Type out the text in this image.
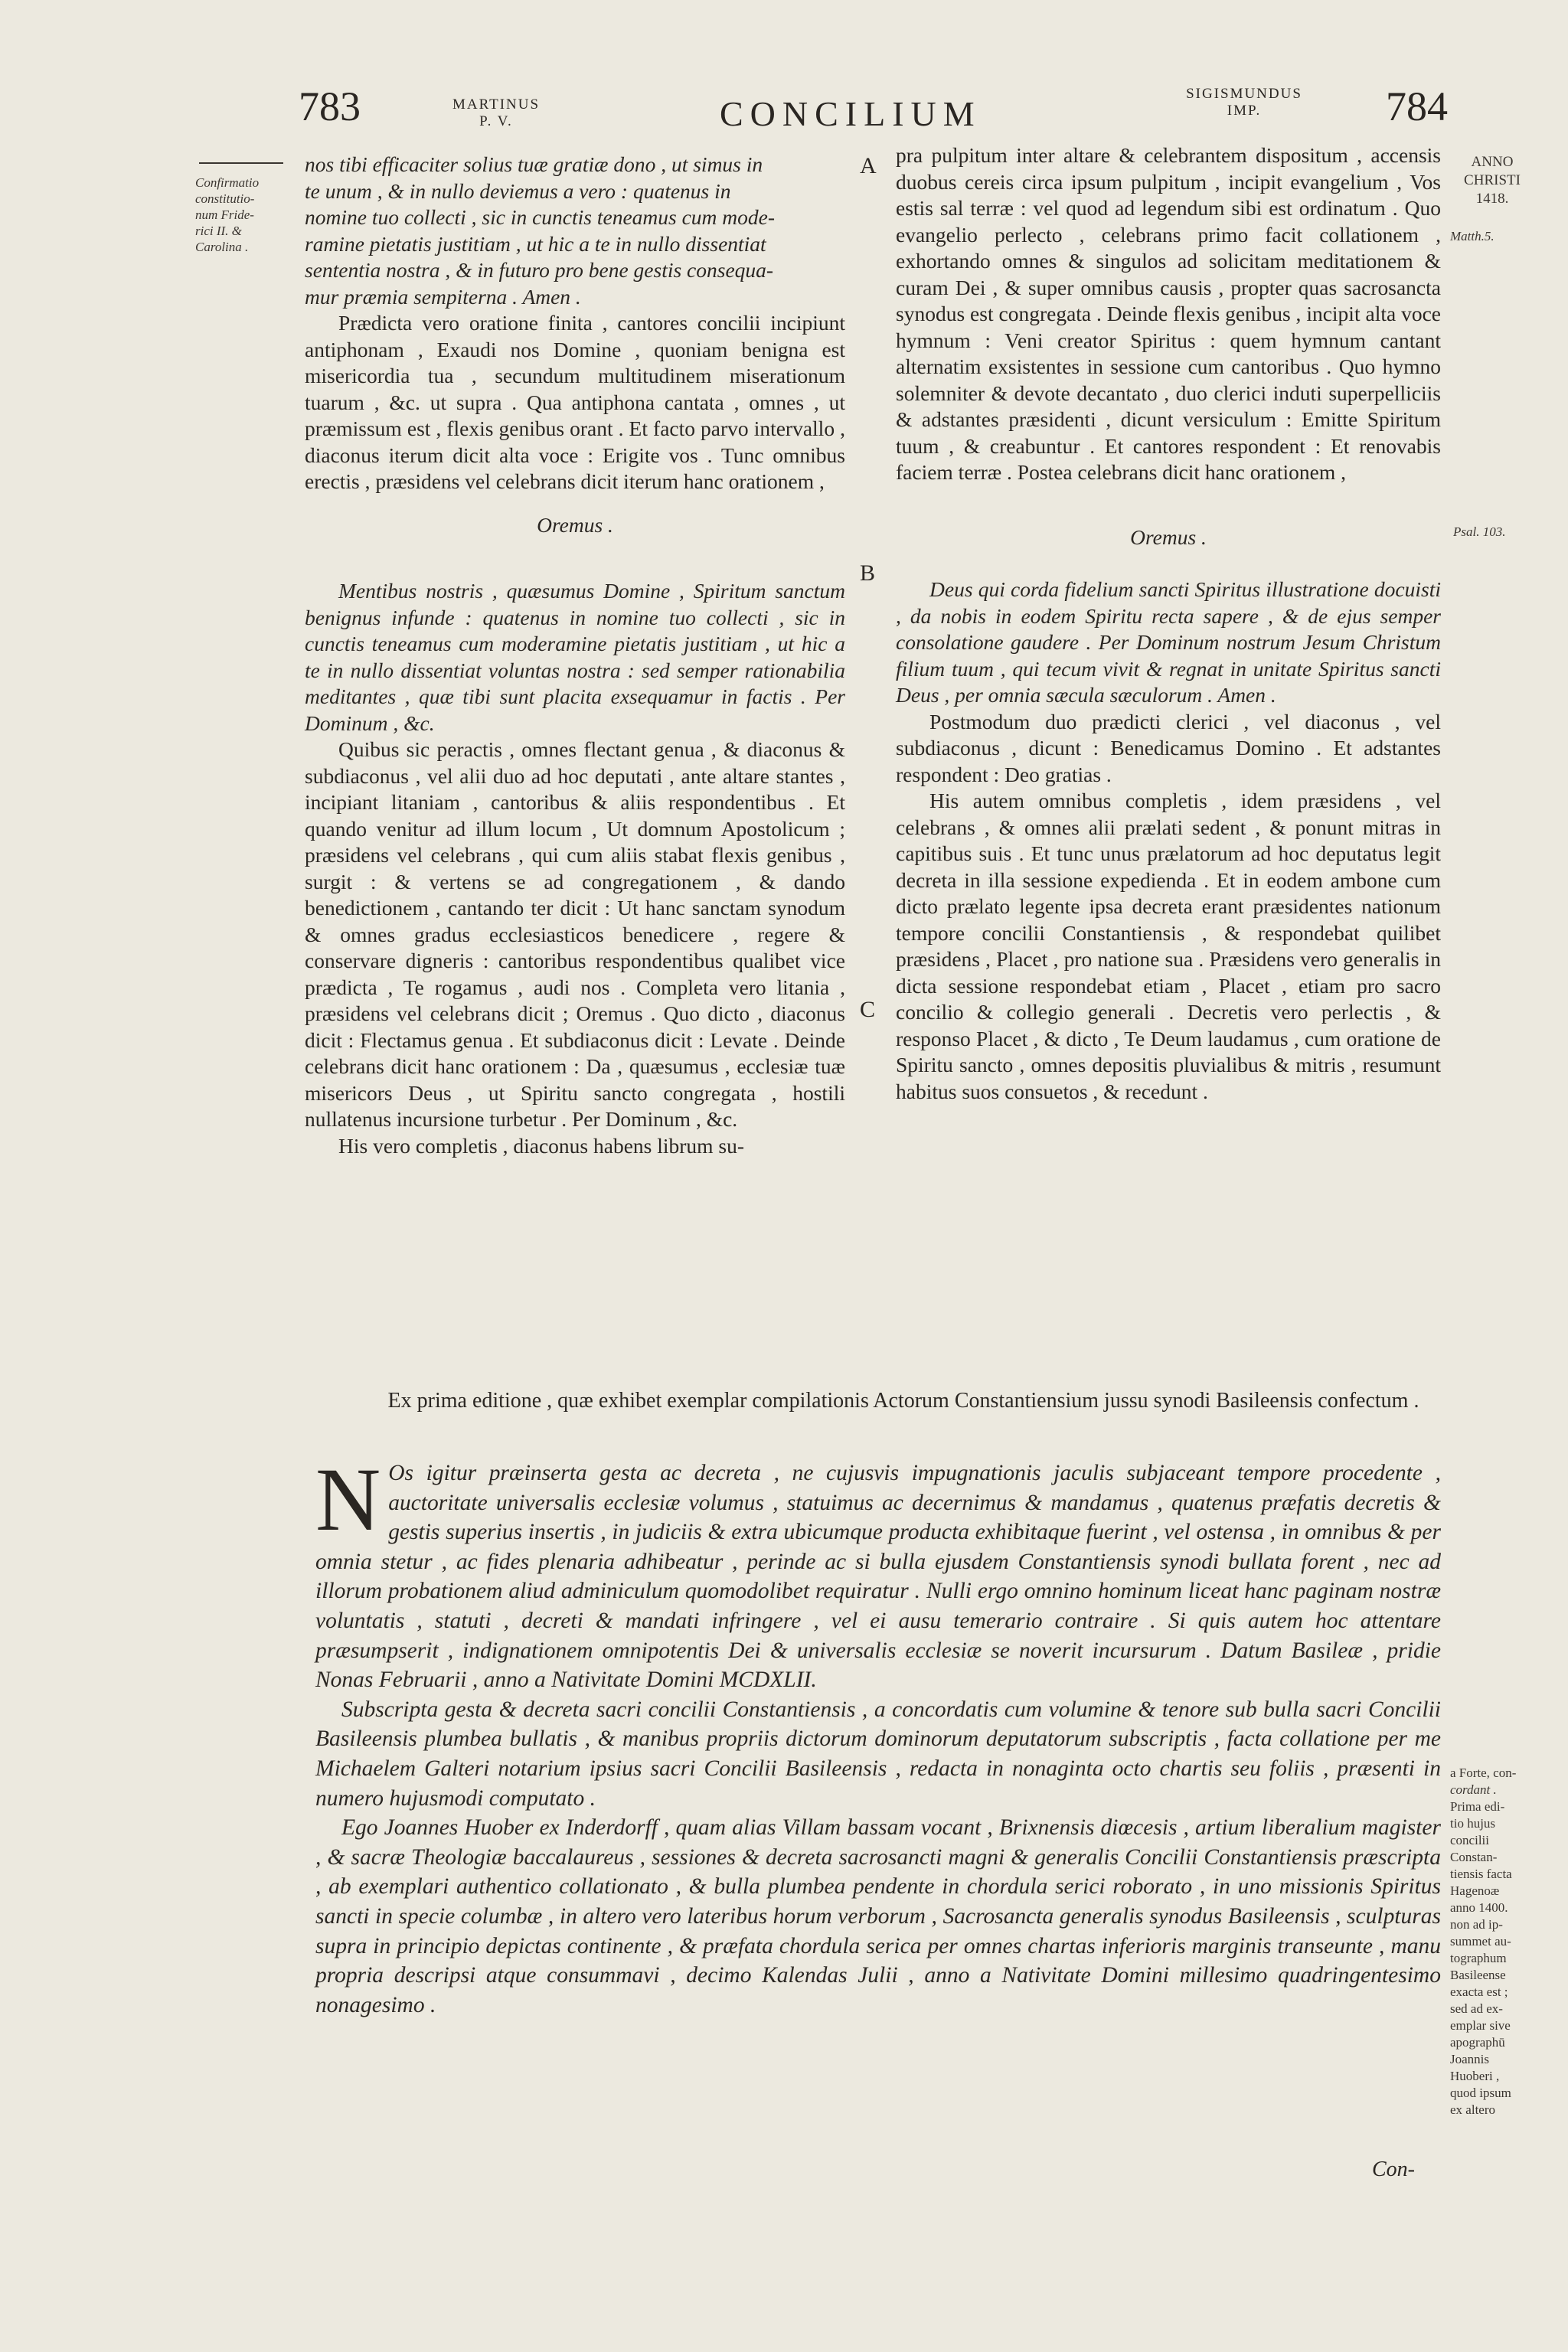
783	MARTINUS
P. V.	CONCILIUM
SIGISMUNDUS
IMP.	784
Confirmatio
constitutio-
num Fride-
rici II. &
Carolina .
ANNO
CHRISTI
1418.
Matth.5.
Psal. 103.
A
B
C
nos tibi efficaciter solius tuæ gratiæ dono , ut simus in
te unum , & in nullo deviemus a vero : quatenus in
nomine tuo collecti , sic in cunctis teneamus cum mode-
ramine pietatis justitiam , ut hic a te in nullo dissentiat
sententia nostra , & in futuro pro bene gestis consequa-
mur præmia sempiterna . Amen .

Prædicta vero oratione finita , cantores concilii incipiunt antiphonam , Exaudi nos Domine , quoniam benigna est misericordia tua , secundum multitudinem miserationum tuarum , &c. ut supra . Qua antiphona cantata , omnes , ut præmissum est , flexis genibus orant . Et facto parvo intervallo , diaconus iterum dicit alta voce : Erigite vos . Tunc omnibus erectis , præsidens vel celebrans dicit iterum hanc orationem ,

Oremus .

Mentibus nostris , quæsumus Domine , Spiritum sanctum benignus infunde : quatenus in nomine tuo collecti , sic in cunctis teneamus cum moderamine pietatis justitiam , ut hic a te in nullo dissentiat voluntas nostra : sed semper rationabilia meditantes , quæ tibi sunt placita exsequamur in factis . Per Dominum , &c.

Quibus sic peractis , omnes flectant genua , & diaconus & subdiaconus , vel alii duo ad hoc deputati , ante altare stantes , incipiant litaniam , cantoribus & aliis respondentibus . Et quando venitur ad illum locum , Ut domnum Apostolicum ; præsidens vel celebrans , qui cum aliis stabat flexis genibus , surgit : & vertens se ad congregationem , & dando benedictionem , cantando ter dicit : Ut hanc sanctam synodum & omnes gradus ecclesiasticos benedicere , regere & conservare digneris : cantoribus respondentibus qualibet vice prædicta , Te rogamus , audi nos . Completa vero litania , præsidens vel celebrans dicit ; Oremus . Quo dicto , diaconus dicit : Flectamus genua . Et subdiaconus dicit : Levate . Deinde celebrans dicit hanc orationem : Da , quæsumus , ecclesiæ tuæ misericors Deus , ut Spiritu sancto congregata , hostili nullatenus incursione turbetur . Per Dominum , &c.

His vero completis , diaconus habens librum su-

pra pulpitum inter altare & celebrantem dispositum , accensis duobus cereis circa ipsum pulpitum , incipit evangelium , Vos estis sal terræ : vel quod ad legendum sibi est ordinatum . Quo evangelio perlecto , celebrans primo facit collationem , exhortando omnes & singulos ad solicitam meditationem & curam Dei , & super omnibus causis , propter quas sacrosancta synodus est congregata . Deinde flexis genibus , incipit alta voce hymnum : Veni creator Spiritus : quem hymnum cantant alternatim exsistentes in sessione cum cantoribus . Quo hymno solemniter & devote decantato , duo clerici induti superpelliciis & adstantes præsidenti , dicunt versiculum : Emitte Spiritum tuum , & creabuntur . Et cantores respondent : Et renovabis faciem terræ . Postea celebrans dicit hanc orationem ,

Oremus .

Deus qui corda fidelium sancti Spiritus illustratione docuisti , da nobis in eodem Spiritu recta sapere , & de ejus semper consolatione gaudere . Per Dominum nostrum Jesum Christum filium tuum , qui tecum vivit & regnat in unitate Spiritus sancti Deus , per omnia sæcula sæculorum . Amen .

Postmodum duo prædicti clerici , vel diaconus , vel subdiaconus , dicunt : Benedicamus Domino . Et adstantes respondent : Deo gratias .

His autem omnibus completis , idem præsidens , vel celebrans , & omnes alii prælati sedent , & ponunt mitras in capitibus suis . Et tunc unus prælatorum ad hoc deputatus legit decreta in illa sessione expedienda . Et in eodem ambone cum dicto prælato legente ipsa decreta erant præsidentes nationum tempore concilii Constantiensis , & respondebat quilibet præsidens , Placet , pro natione sua . Præsidens vero generalis in dicta sessione respondebat etiam , Placet , etiam pro sacro concilio & collegio generali . Decretis vero perlectis , & responso Placet , & dicto , Te Deum laudamus , cum oratione de Spiritu sancto , omnes depositis pluvialibus & mitris , resumunt habitus suos consuetos , & recedunt .

Ex prima editione , quæ exhibet exemplar compilationis Actorum Constantiensium jussu synodi Basileensis confectum .

N Os igitur præinserta gesta ac decreta , ne cujusvis impugnationis jaculis subjaceant tempore procedente , auctoritate universalis ecclesiæ volumus , statuimus ac decernimus & mandamus , quatenus præfatis decretis & gestis superius insertis , in judiciis & extra ubicumque producta exhibitaque fuerint , vel ostensa , in omnibus & per omnia stetur , ac fides plenaria adhibeatur , perinde ac si bulla ejusdem Constantiensis synodi bullata forent , nec ad illorum probationem aliud adminiculum quomodolibet requiratur . Nulli ergo omnino hominum liceat hanc paginam nostræ voluntatis , statuti , decreti & mandati infringere , vel ei ausu temerario contraire . Si quis autem hoc attentare præsumpserit , indignationem omnipotentis Dei & universalis ecclesiæ se noverit incursurum . Datum Basileæ , pridie Nonas Februarii , anno a Nativitate Domini MCDXLII.

Subscripta gesta & decreta sacri concilii Constantiensis , a concordatis cum volumine & tenore sub bulla sacri Concilii Basileensis plumbea bullatis , & manibus propriis dictorum dominorum deputatorum subscriptis , facta collatione per me Michaelem Galteri notarium ipsius sacri Concilii Basileensis , redacta in nonaginta octo chartis seu foliis , præsenti in numero hujusmodi computato .

Ego Joannes Huober ex Inderdorff , quam alias Villam bassam vocant , Brixnensis diœcesis , artium liberalium magister , & sacræ Theologiæ baccalaureus , sessiones & decreta sacrosancti magni & generalis Concilii Constantiensis præscripta , ab exemplari authentico collationato , & bulla plumbea pendente in chordula serici roborato , in uno missionis Spiritus sancti in specie columbæ , in altero vero lateribus horum verborum , Sacrosancta generalis synodus Basileensis , sculpturas supra in principio depictas continente , & præfata chordula serica per omnes chartas inferioris marginis transeunte , manu propria descripsi atque consummavi , decimo Kalendas Julii , anno a Nativitate Domini millesimo quadringentesimo nonagesimo .

a Forte, con-
cordant .
Prima edi-
tio hujus
concilii
Constan-
tiensis facta
Hagenoæ
anno 1400.
non ad ip-
summet au-
tographum
Basileense
exacta est ;
sed ad ex-
emplar sive
apographū
Joannis
Huoberi ,
quod ipsum
ex altero
Con-
